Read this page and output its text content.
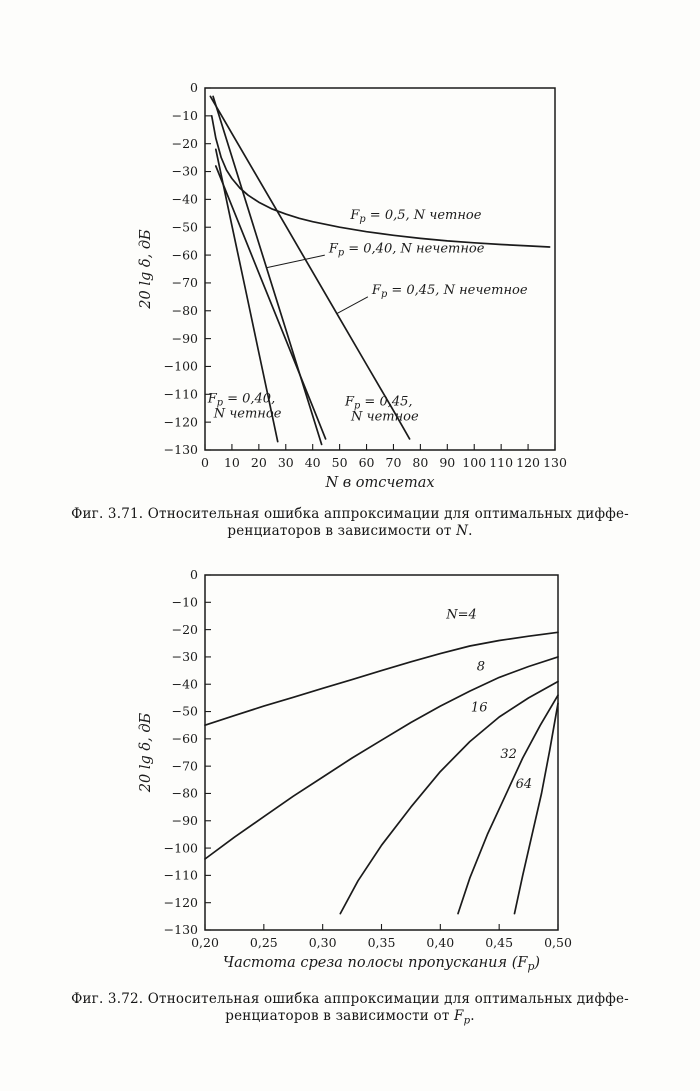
0 10 20 30 40 50 60 70 80 90 100 110 120 130
0
−10
−20
−30
−40
−50
−60
−70
−80
−90
−100
−110
−120
−130
$F_p = 0,5$, N четное
$F_p = 0,40$, N нечетное
$F_p = 0,45$, N нечетное
$F_p = 0,40$,
N четное
$F_p = 0,45$,
N четное
N в отсчетах
20 lg δ, дБ
Фиг. 3.71. Относительная ошибка аппроксимации для оптимальных диффе-
ренциаторов в зависимости от N.
0,20 0,25 0,30 0,35 0,40 0,45 0,50
0
−10
−20
−30
−40
−50
−60
−70
−80
−90
−100
−110
−120
−130
N=4
8
16
32
64
Частота среза полосы пропускания $(F_p)$
20 lg δ, дБ
Фиг. 3.72. Относительная ошибка аппроксимации для оптимальных диффе-
ренциаторов в зависимости от $F_p$.
